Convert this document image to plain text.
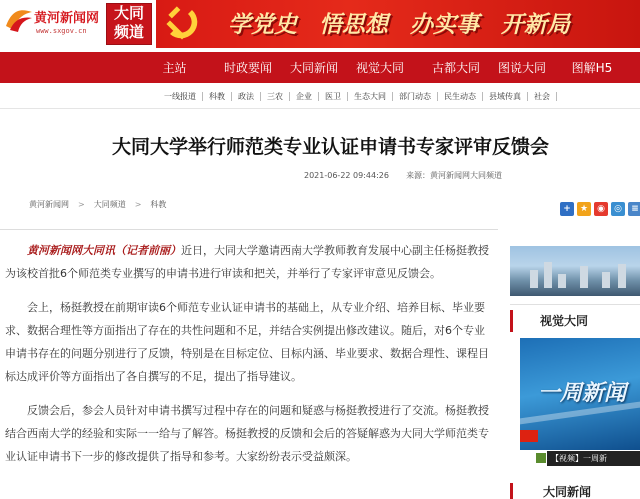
黄河新闻网
www.sxgov.cn
大同
频道	学党史 悟思想 办实事 开新局
主站	时政要闻	大同新闻	视觉大同	古都大同	图说大同	图解H5
一线报道	科教	政法	三农	企业	医卫	生态大同	部门动态	民生动态	县域传真	社会
大同大学举行师范类专业认证申请书专家评审反馈会
2021-06-22 09:44:26 来源：黄河新闻网大同频道
黄河新闻网 > 大同频道 > 科教	+	★	◉	◎	≡

黄河新闻网大同讯（记者前丽）近日，大同大学邀请西南大学教师教育发展中心副主任杨挺教授为该校首批6个师范类专业撰写的申请书进行审读和把关，并举行了专家评审意见反馈会。

会上，杨挺教授在前期审读6个师范专业认证申请书的基础上，从专业介绍、培养目标、毕业要求、数据合理性等方面指出了存在的共性问题和不足，并结合实例提出修改建议。随后，对6个专业申请书存在的问题分别进行了反馈，特别是在目标定位、目标内涵、毕业要求、数据合理性、课程目标达成评价等方面指出了各自撰写的不足，提出了指导建议。

反馈会后，参会人员针对申请书撰写过程中存在的问题和疑惑与杨挺教授进行了交流。杨挺教授结合西南大学的经验和实际一一给与了解答。杨挺教授的反馈和会后的答疑解惑为大同大学师范类专业认证申请书下一步的修改提供了指导和参考。大家纷纷表示受益颇深。

视觉大同
一周新闻
【视频】一周新
大同新闻
